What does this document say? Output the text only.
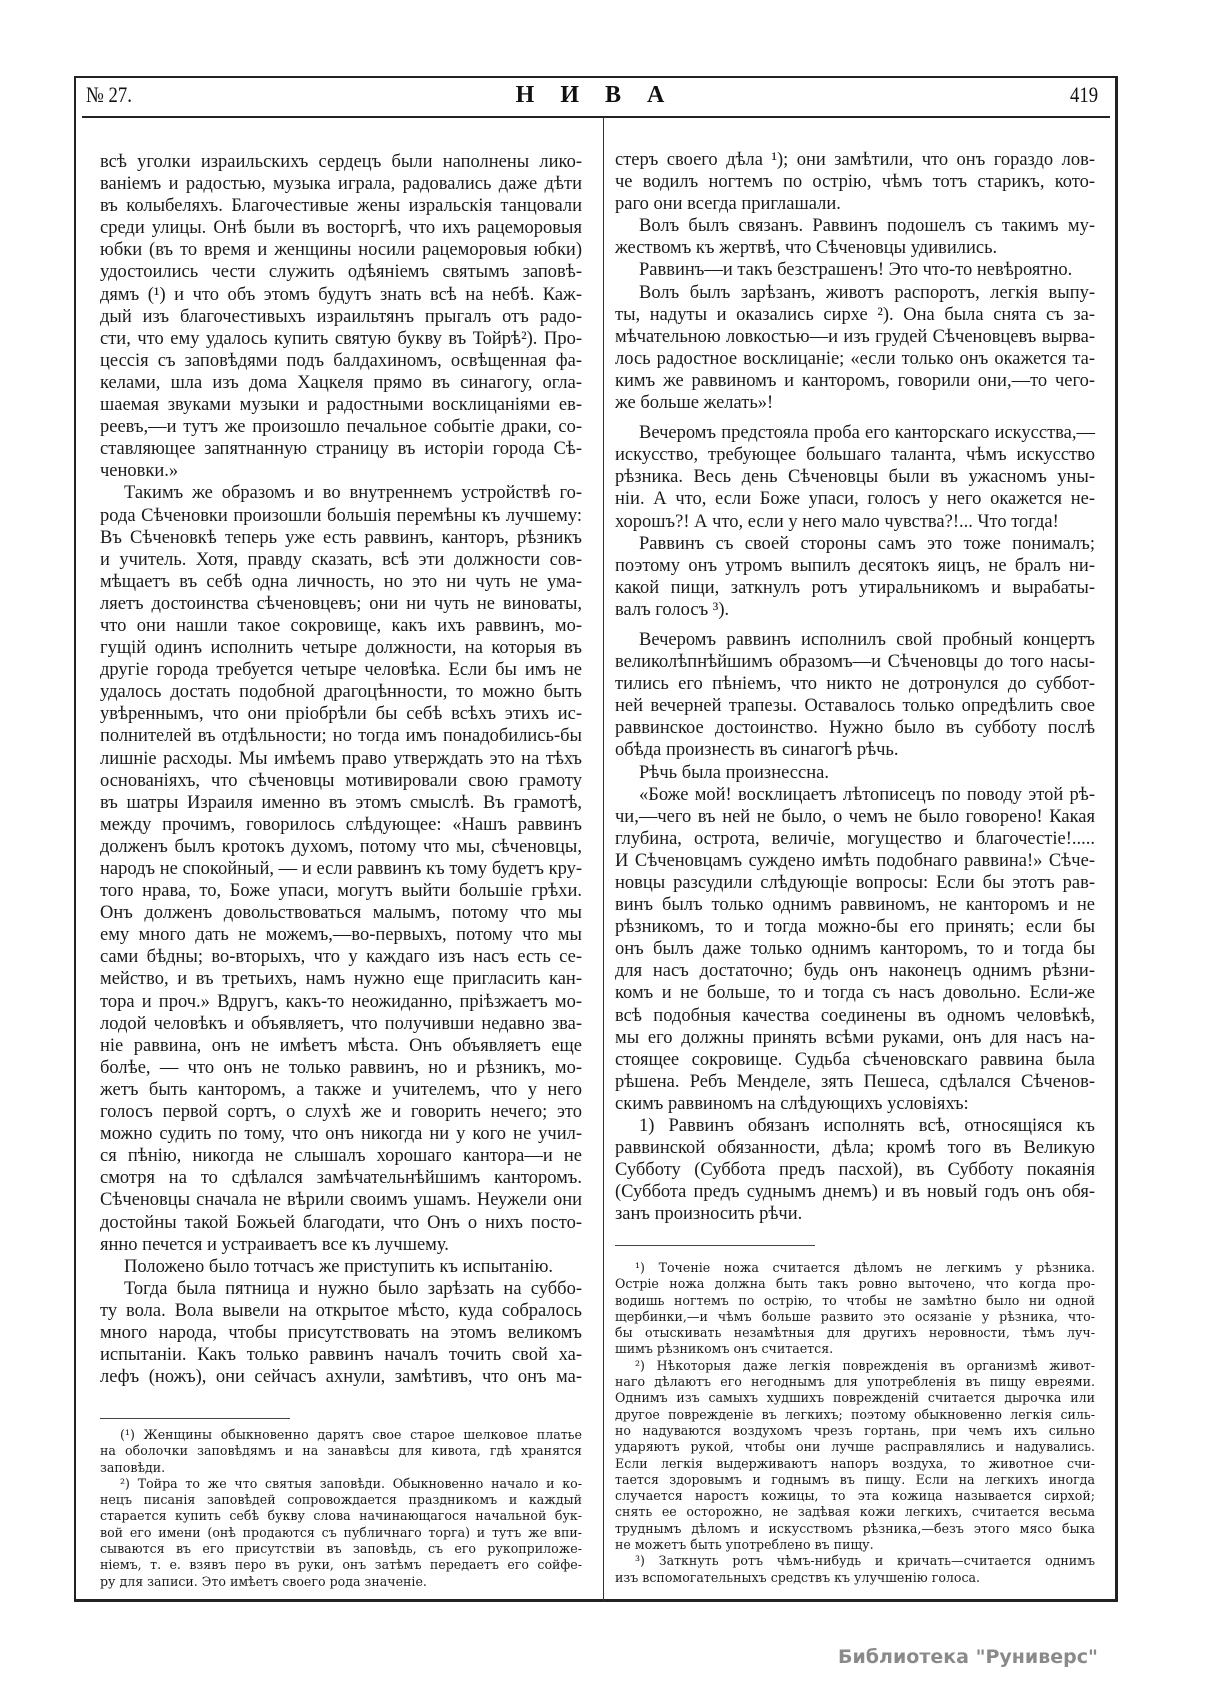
№ 27.	Н И В А	419
всѣ уголки израильскихъ сердецъ были наполнены лико-
ваніемъ и радостью, музыка играла, радовались даже дѣти
въ колыбеляхъ. Благочестивые жены изральскія танцовали
среди улицы. Онѣ были въ восторгѣ, что ихъ рацеморовыя
юбки (въ то время и женщины носили рацеморовыя юбки)
удостоились чести служить одѣяніемъ святымъ заповѣ-
дямъ (¹) и что объ этомъ будутъ знать всѣ на небѣ. Каж-
дый изъ благочестивыхъ израильтянъ прыгалъ отъ радо-
сти, что ему удалось купить святую букву въ Тойрѣ²). Про-
цессія съ заповѣдями подъ балдахиномъ, освѣщенная фа-
келами, шла изъ дома Хацкеля прямо въ синагогу, огла-
шаемая звуками музыки и радостными восклицаніями ев-
реевъ,—и тутъ же произошло печальное событіе драки, со-
ставляющее запятнанную страницу въ исторіи города Сѣ-
ченовки.»
Такимъ же образомъ и во внутреннемъ устройствѣ го-
рода Сѣченовки произошли большія перемѣны къ лучшему:
Въ Сѣченовкѣ теперь уже есть раввинъ, канторъ, рѣзникъ
и учитель. Хотя, правду сказать, всѣ эти должности сов-
мѣщаетъ въ себѣ одна личность, но это ни чуть не ума-
ляетъ достоинства сѣченовцевъ; они ни чуть не виноваты,
что они нашли такое сокровище, какъ ихъ раввинъ, мо-
гущій одинъ исполнить четыре должности, на которыя въ
другіе города требуется четыре человѣка. Если бы имъ не
удалось достать подобной драгоцѣнности, то можно быть
увѣреннымъ, что они пріобрѣли бы себѣ всѣхъ этихъ ис-
полнителей въ отдѣльности; но тогда имъ понадобились-бы
лишніе расходы. Мы имѣемъ право утверждать это на тѣхъ
основаніяхъ, что сѣченовцы мотивировали свою грамоту
въ шатры Израиля именно въ этомъ смыслѣ. Въ грамотѣ,
между прочимъ, говорилось слѣдующее: «Нашъ раввинъ
долженъ былъ кротокъ духомъ, потому что мы, сѣченовцы,
народъ не спокойный, — и если раввинъ къ тому будетъ кру-
того нрава, то, Боже упаси, могутъ выйти большіе грѣхи.
Онъ долженъ довольствоваться малымъ, потому что мы
ему много дать не можемъ,—во-первыхъ, потому что мы
сами бѣдны; во-вторыхъ, что у каждаго изъ насъ есть се-
мейство, и въ третьихъ, намъ нужно еще пригласить кан-
тора и проч.» Вдругъ, какъ-то неожиданно, пріѣзжаетъ мо-
лодой человѣкъ и объявляетъ, что получивши недавно зва-
ніе раввина, онъ не имѣетъ мѣста. Онъ объявляетъ еще
болѣе, — что онъ не только раввинъ, но и рѣзникъ, мо-
жетъ быть канторомъ, а также и учителемъ, что у него
голосъ первой сортъ, о слухѣ же и говорить нечего; это
можно судить по тому, что онъ никогда ни у кого не учил-
ся пѣнію, никогда не слышалъ хорошаго кантора—и не
смотря на то сдѣлался замѣчательнѣйшимъ канторомъ.
Сѣченовцы сначала не вѣрили своимъ ушамъ. Неужели они
достойны такой Божьей благодати, что Онъ о нихъ посто-
янно печется и устраиваетъ все къ лучшему.
Положено было тотчасъ же приступить къ испытанію.
Тогда была пятница и нужно было зарѣзать на суббо-
ту вола. Вола вывели на открытое мѣсто, куда собралось
много народа, чтобы присутствовать на этомъ великомъ
испытаніи. Какъ только раввинъ началъ точить свой ха-
лефъ (ножъ), они сейчасъ ахнули, замѣтивъ, что онъ ма-
(¹) Женщины обыкновенно дарятъ свое старое шелковое платье
на оболочки заповѣдямъ и на занавѣсы для кивота, гдѣ хранятся
заповѣди.
²) Тойра то же что святыя заповѣди. Обыкновенно начало и ко-
нецъ писанія заповѣдей сопровождается праздникомъ и каждый
старается купить себѣ букву слова начинающагося начальной бук-
вой его имени (онѣ продаются съ публичнаго торга) и тутъ же впи-
сываются въ его присутствіи въ заповѣдь, съ его рукоприложе-
ніемъ, т. е. взявъ перо въ руки, онъ затѣмъ передаетъ его сойфе-
ру для записи. Это имѣетъ своего рода значеніе.
стеръ своего дѣла ¹); они замѣтили, что онъ гораздо лов-
че водилъ ногтемъ по острію, чѣмъ тотъ старикъ, кото-
раго они всегда приглашали.
Волъ былъ связанъ. Раввинъ подошелъ съ такимъ му-
жествомъ къ жертвѣ, что Сѣченовцы удивились.
Раввинъ—и такъ безстрашенъ! Это что-то невѣроятно.
Волъ былъ зарѣзанъ, животъ распоротъ, легкія выпу-
ты, надуты и оказались сирхе ²). Она была снята съ за-
мѣчательною ловкостью—и изъ грудей Сѣченовцевъ вырва-
лось радостное восклицаніе; «если только онъ окажется та-
кимъ же раввиномъ и канторомъ, говорили они,—то чего-
же больше желать»!
Вечеромъ предстояла проба его канторскаго искусства,—
искусство, требующее большаго таланта, чѣмъ искусство
рѣзника. Весь день Сѣченовцы были въ ужасномъ уны-
ніи. А что, если Боже упаси, голосъ у него окажется не-
хорошъ?! А что, если у него мало чувства?!... Что тогда!
Раввинъ съ своей стороны самъ это тоже понималъ;
поэтому онъ утромъ выпилъ десятокъ яицъ, не бралъ ни-
какой пищи, заткнулъ ротъ утиральникомъ и вырабаты-
валъ голосъ ³).
Вечеромъ раввинъ исполнилъ свой пробный концертъ
великолѣпнѣйшимъ образомъ—и Сѣченовцы до того насы-
тились его пѣніемъ, что никто не дотронулся до суббот-
ней вечерней трапезы. Оставалось только опредѣлить свое
раввинское достоинство. Нужно было въ субботу послѣ
обѣда произнесть въ синагогѣ рѣчь.
Рѣчь была произнессна.
«Боже мой! восклицаетъ лѣтописецъ по поводу этой рѣ-
чи,—чего въ ней не было, о чемъ не было говорено! Какая
глубина, острота, величіе, могущество и благочестіе!.....
И Сѣченовцамъ суждено имѣть подобнаго раввина!» Сѣче-
новцы разсудили слѣдующіе вопросы: Если бы этотъ рав-
винъ былъ только однимъ раввиномъ, не канторомъ и не
рѣзникомъ, то и тогда можно-бы его принять; если бы
онъ былъ даже только однимъ канторомъ, то и тогда бы
для насъ достаточно; будь онъ наконецъ однимъ рѣзни-
комъ и не больше, то и тогда съ насъ довольно. Если-же
всѣ подобныя качества соединены въ одномъ человѣкѣ,
мы его должны принять всѣми руками, онъ для насъ на-
стоящее сокровище. Судьба сѣченовскаго раввина была
рѣшена. Ребъ Менделе, зять Пешеса, сдѣлался Сѣченов-
скимъ раввиномъ на слѣдующихъ условіяхъ:
1) Раввинъ обязанъ исполнять всѣ, относящіяся къ
раввинской обязанности, дѣла; кромѣ того въ Великую
Субботу (Суббота предъ пасхой), въ Субботу покаянія
(Суббота предъ суднымъ днемъ) и въ новый годъ онъ обя-
занъ произносить рѣчи.
¹) Точеніе ножа считается дѣломъ не легкимъ у рѣзника.
Остріе ножа должна быть такъ ровно выточено, что когда про-
водишь ногтемъ по острію, то чтобы не замѣтно было ни одной
щербинки,—и чѣмъ больше развито это осязаніе у рѣзника, что-
бы отыскивать незамѣтныя для другихъ неровности, тѣмъ луч-
шимъ рѣзникомъ онъ считается.
²) Нѣкоторыя даже легкія поврежденія въ организмѣ живот-
наго дѣлаютъ его негоднымъ для употребленія въ пищу евреями.
Однимъ изъ самыхъ худшихъ поврежденій считается дырочка или
другое поврежденіе въ легкихъ; поэтому обыкновенно легкія силь-
но надуваются воздухомъ чрезъ гортань, при чемъ ихъ сильно
ударяютъ рукой, чтобы они лучше расправлялись и надувались.
Если легкія выдерживаютъ напоръ воздуха, то животное счи-
тается здоровымъ и годнымъ въ пищу. Если на легкихъ иногда
случается наростъ кожицы, то эта кожица называется сирхой;
снять ее осторожно, не задѣвая кожи легкихъ, считается весьма
труднымъ дѣломъ и искусствомъ рѣзника,—безъ этого мясо быка
не можетъ быть употреблено въ пищу.
³) Заткнуть ротъ чѣмъ-нибудь и кричать—считается однимъ
изъ вспомогательныхъ средствъ къ улучшенію голоса.
Библиотека "Руниверс"
